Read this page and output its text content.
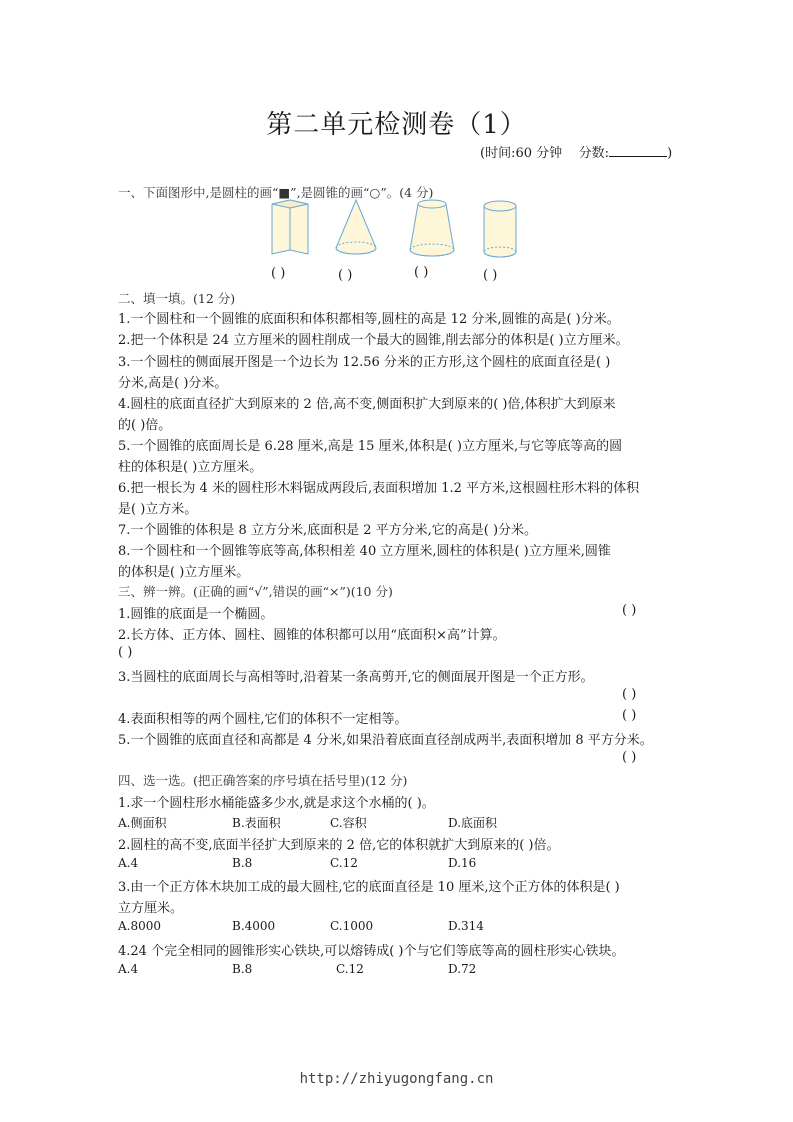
第二单元检测卷（1）
(时间:60 分钟 分数:	)
一、下面图形中,是圆柱的画“■”,是圆锥的画“○”。(4 分)
( )	( )	( )	( )
二、填一填。(12 分)
1.一个圆柱和一个圆锥的底面积和体积都相等,圆柱的高是 12 分米,圆锥的高是( )分米。
2.把一个体积是 24 立方厘米的圆柱削成一个最大的圆锥,削去部分的体积是( )立方厘米。
3.一个圆柱的侧面展开图是一个边长为 12.56 分米的正方形,这个圆柱的底面直径是( )
分米,高是( )分米。
4.圆柱的底面直径扩大到原来的 2 倍,高不变,侧面积扩大到原来的( )倍,体积扩大到原来
的( )倍。
5.一个圆锥的底面周长是 6.28 厘米,高是 15 厘米,体积是( )立方厘米,与它等底等高的圆
柱的体积是( )立方厘米。
6.把一根长为 4 米的圆柱形木料锯成两段后,表面积增加 1.2 平方米,这根圆柱形木料的体积
是( )立方米。
7.一个圆锥的体积是 8 立方分米,底面积是 2 平方分米,它的高是( )分米。
8.一个圆柱和一个圆锥等底等高,体积相差 40 立方厘米,圆柱的体积是( )立方厘米,圆锥
的体积是( )立方厘米。
三、辨一辨。(正确的画“√”,错误的画“×”)(10 分)
1.圆锥的底面是一个椭圆。	( )
2.长方体、正方体、圆柱、圆锥的体积都可以用“底面积×高”计算。
( )
3.当圆柱的底面周长与高相等时,沿着某一条高剪开,它的侧面展开图是一个正方形。
( )
4.表面积相等的两个圆柱,它们的体积不一定相等。	( )
5.一个圆锥的底面直径和高都是 4 分米,如果沿着底面直径剖成两半,表面积增加 8 平方分米。
( )
四、选一选。(把正确答案的序号填在括号里)(12 分)
1.求一个圆柱形水桶能盛多少水,就是求这个水桶的( )。
A.侧面积	B.表面积	C.容积	D.底面积
2.圆柱的高不变,底面半径扩大到原来的 2 倍,它的体积就扩大到原来的( )倍。
A.4	B.8	C.12	D.16
3.由一个正方体木块加工成的最大圆柱,它的底面直径是 10 厘米,这个正方体的体积是( )
立方厘米。
A.8000	B.4000	C.1000	D.314
4.24 个完全相同的圆锥形实心铁块,可以熔铸成( )个与它们等底等高的圆柱形实心铁块。
A.4	B.8	C.12	D.72
http://zhiyugongfang.cn
